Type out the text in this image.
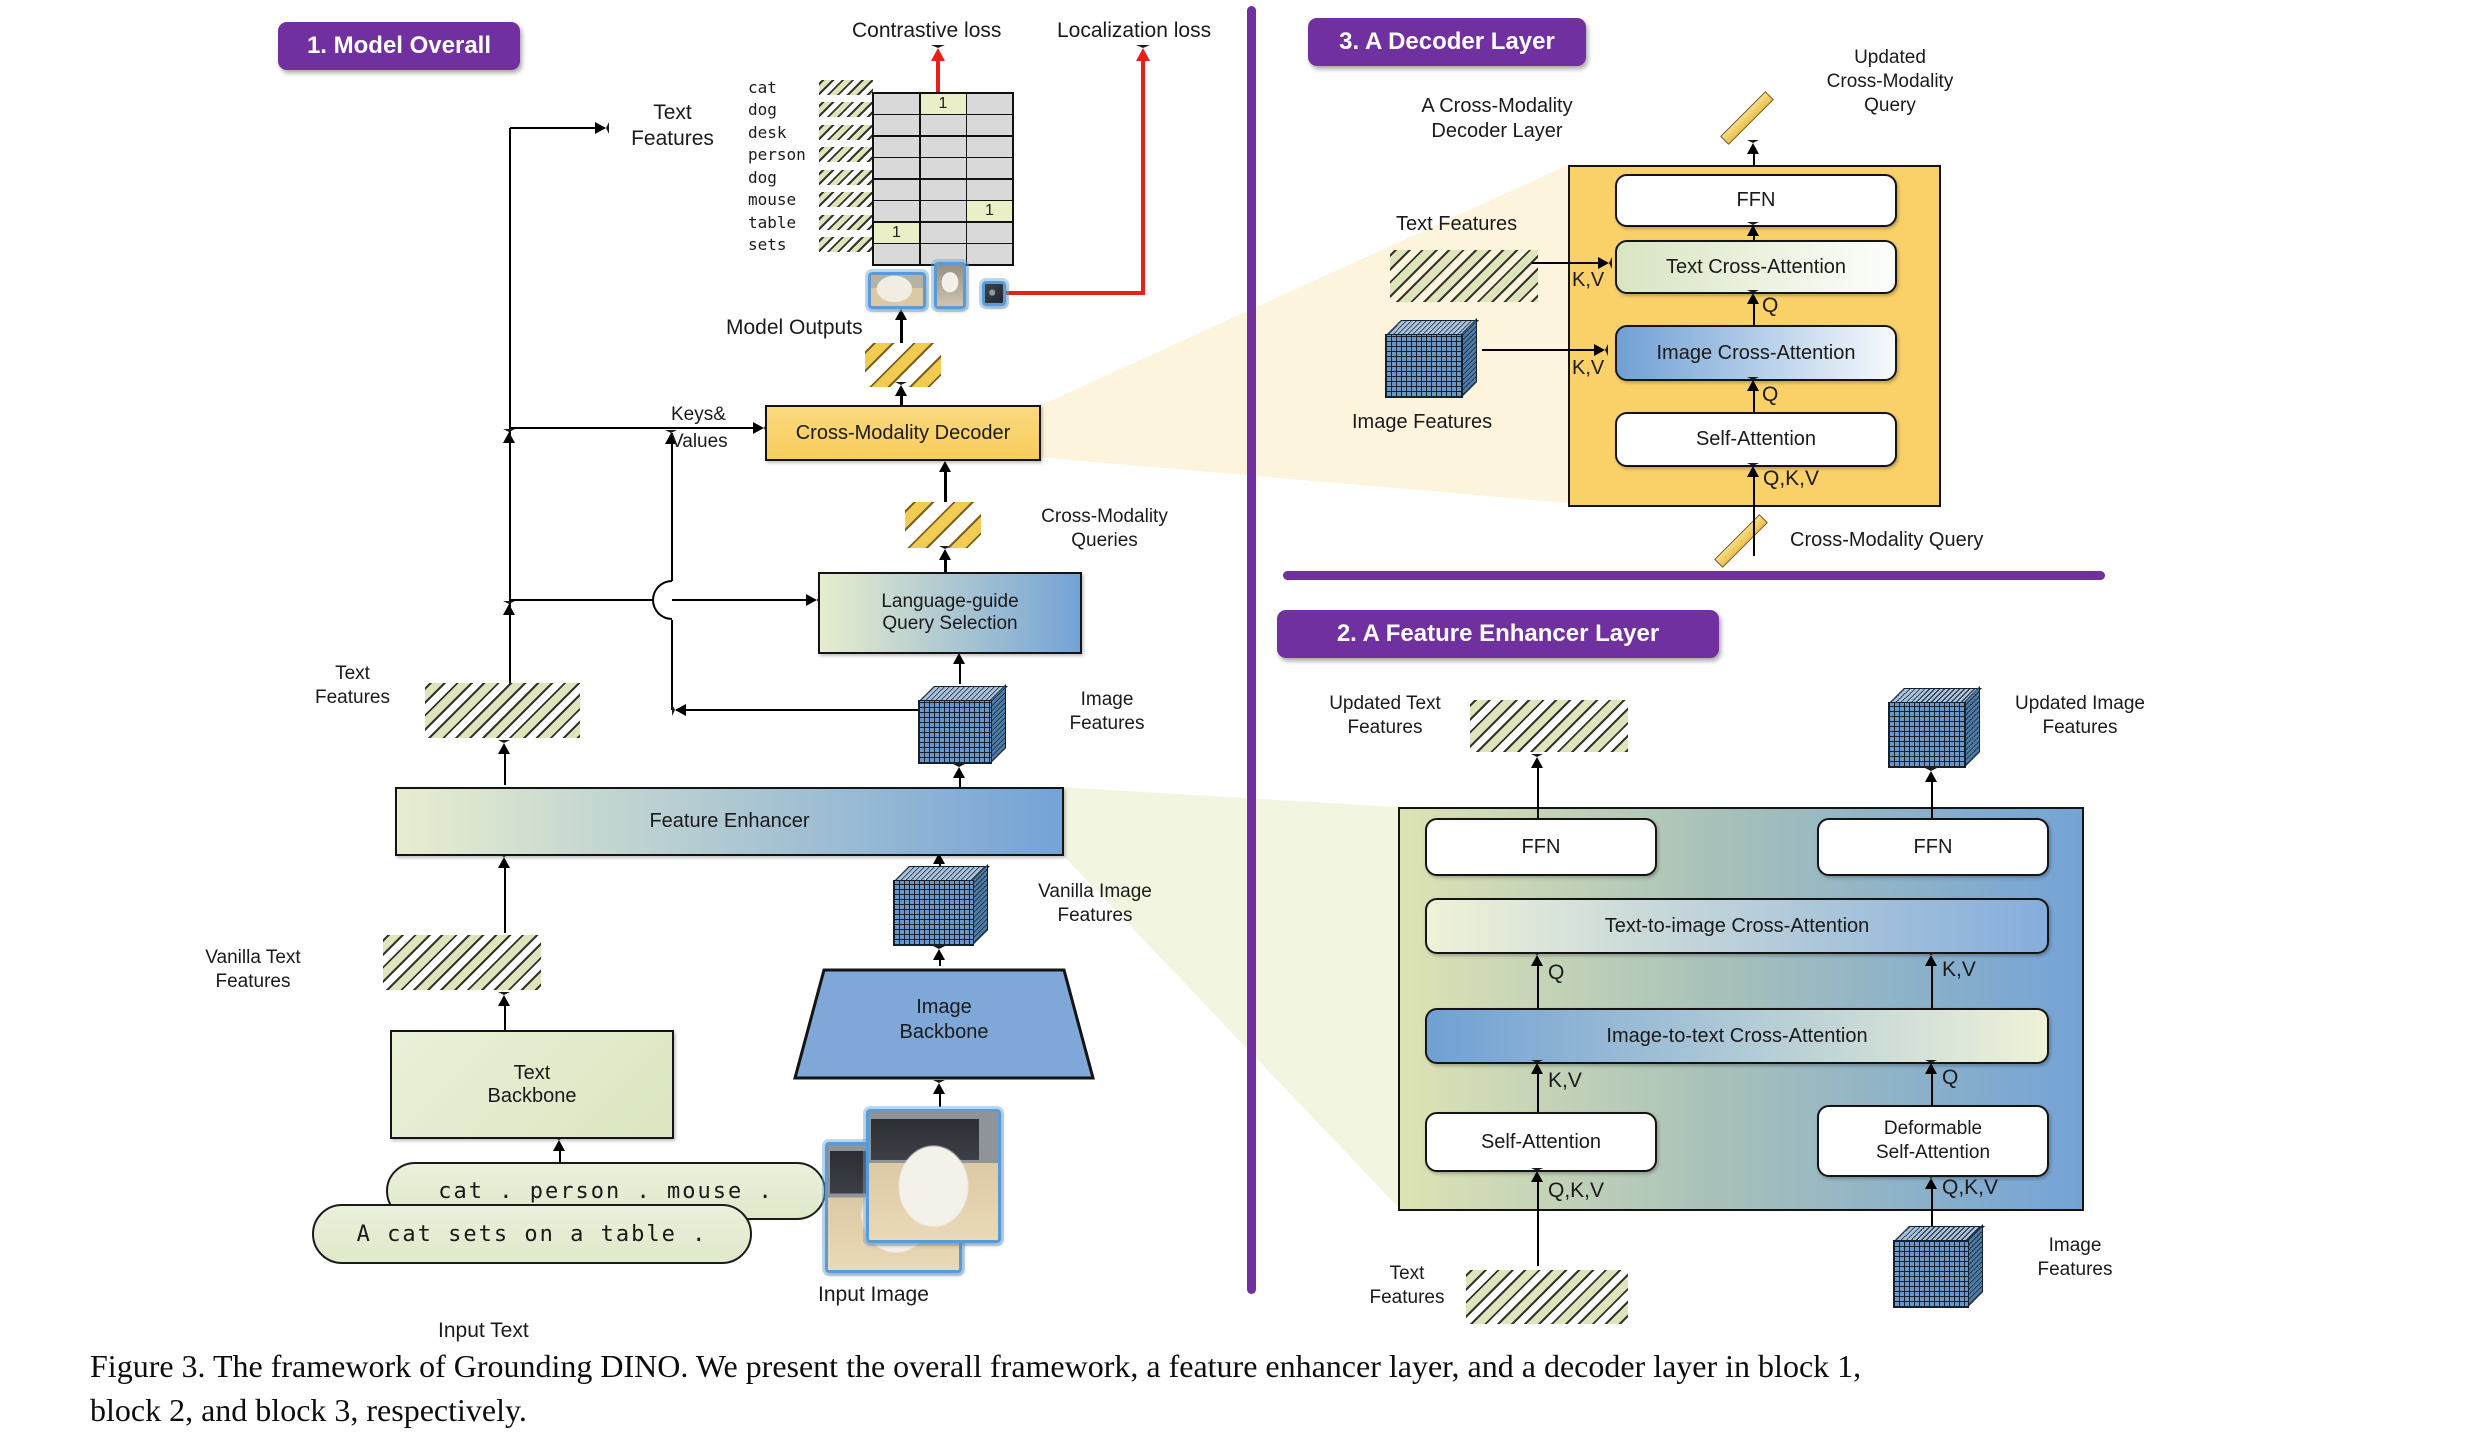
1. Model Overall
Contrastive loss	Localization loss
cat
dog
desk
person
dog
mouse
table
sets
1
1
1
Model Outputs
Keys&
Values	Cross-Modality Decoder
Cross-Modality
Queries
Language-guide
Query Selection
Image
Features
Text
Features
Text
Features
Feature Enhancer
Vanilla Text
Features
Text
Backbone
cat . person . mouse .
A cat sets on a table .
Input Text
Image
Backbone
Vanilla Image
Features
Input Image
3. A Decoder Layer
A Cross-Modality
Decoder Layer
Updated
Cross-Modality
Query
FFN
Text Cross-Attention
Image Cross-Attention
Self-Attention
Q
Q
Q,K,V
K,V
K,V
Text Features
Image Features
Cross-Modality Query
2. A Feature Enhancer Layer
Updated Text
Features
Updated Image
Features
FFN	FFN
Text-to-image Cross-Attention
Q	K,V
Image-to-text Cross-Attention
K,V	Q
Self-Attention
Deformable
Self-Attention
Q,K,V	Q,K,V
Text
Features
Image
Features
Figure 3. The framework of Grounding DINO. We present the overall framework, a feature enhancer layer, and a decoder layer in block 1,
block 2, and block 3, respectively.
